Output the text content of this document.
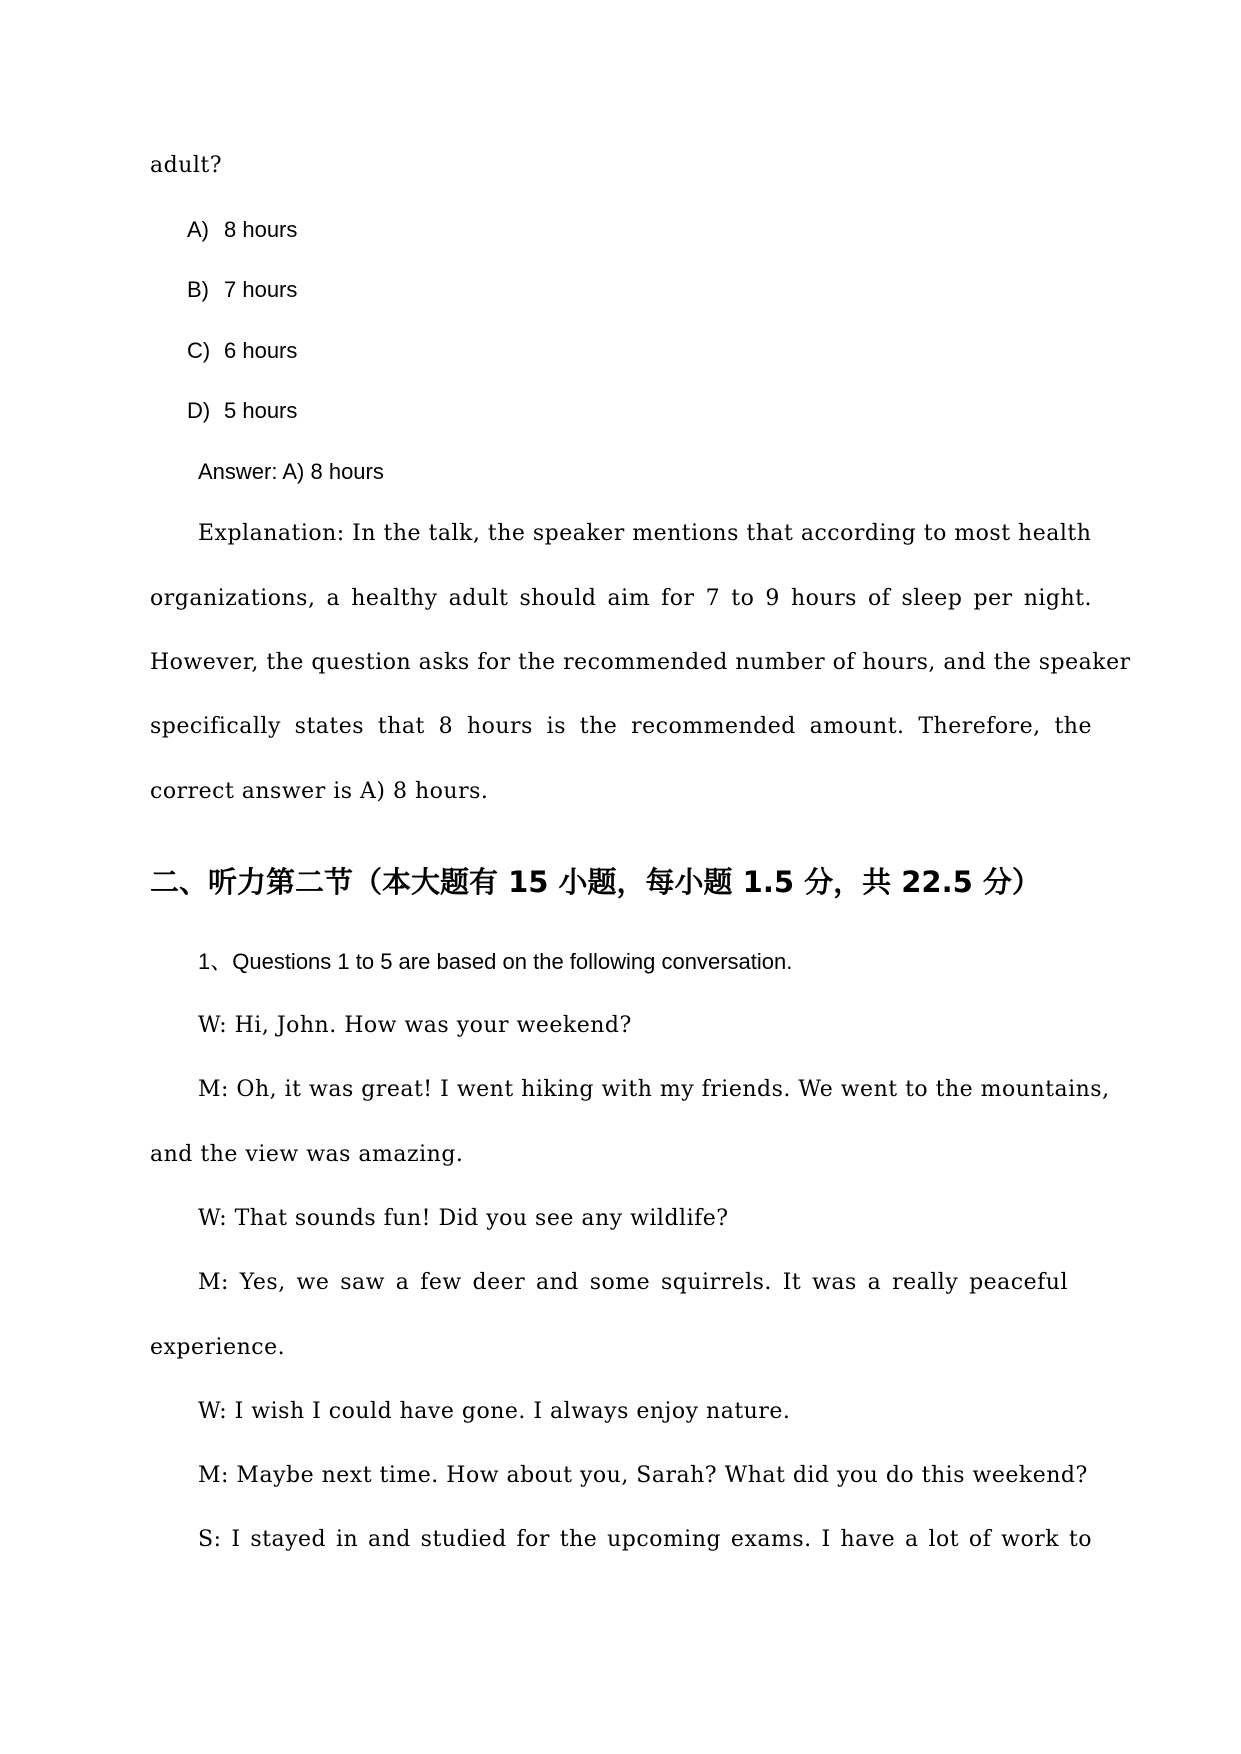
adult?
A) 8 hours
B) 7 hours
C) 6 hours
D) 5 hours
Answer: A) 8 hours
Explanation: In the talk, the speaker mentions that according to most health
organizations, a healthy adult should aim for 7 to 9 hours of sleep per night.
However, the question asks for the recommended number of hours, and the speaker
specifically states that 8 hours is the recommended amount. Therefore, the
correct answer is A) 8 hours.
二、听力第二节（本大题有 15 小题，每小题 1.5 分，共 22.5 分）
1、Questions 1 to 5 are based on the following conversation.
W: Hi, John. How was your weekend?
M: Oh, it was great! I went hiking with my friends. We went to the mountains,
and the view was amazing.
W: That sounds fun! Did you see any wildlife?
M: Yes, we saw a few deer and some squirrels. It was a really peaceful
experience.
W: I wish I could have gone. I always enjoy nature.
M: Maybe next time. How about you, Sarah? What did you do this weekend?
S: I stayed in and studied for the upcoming exams. I have a lot of work to
